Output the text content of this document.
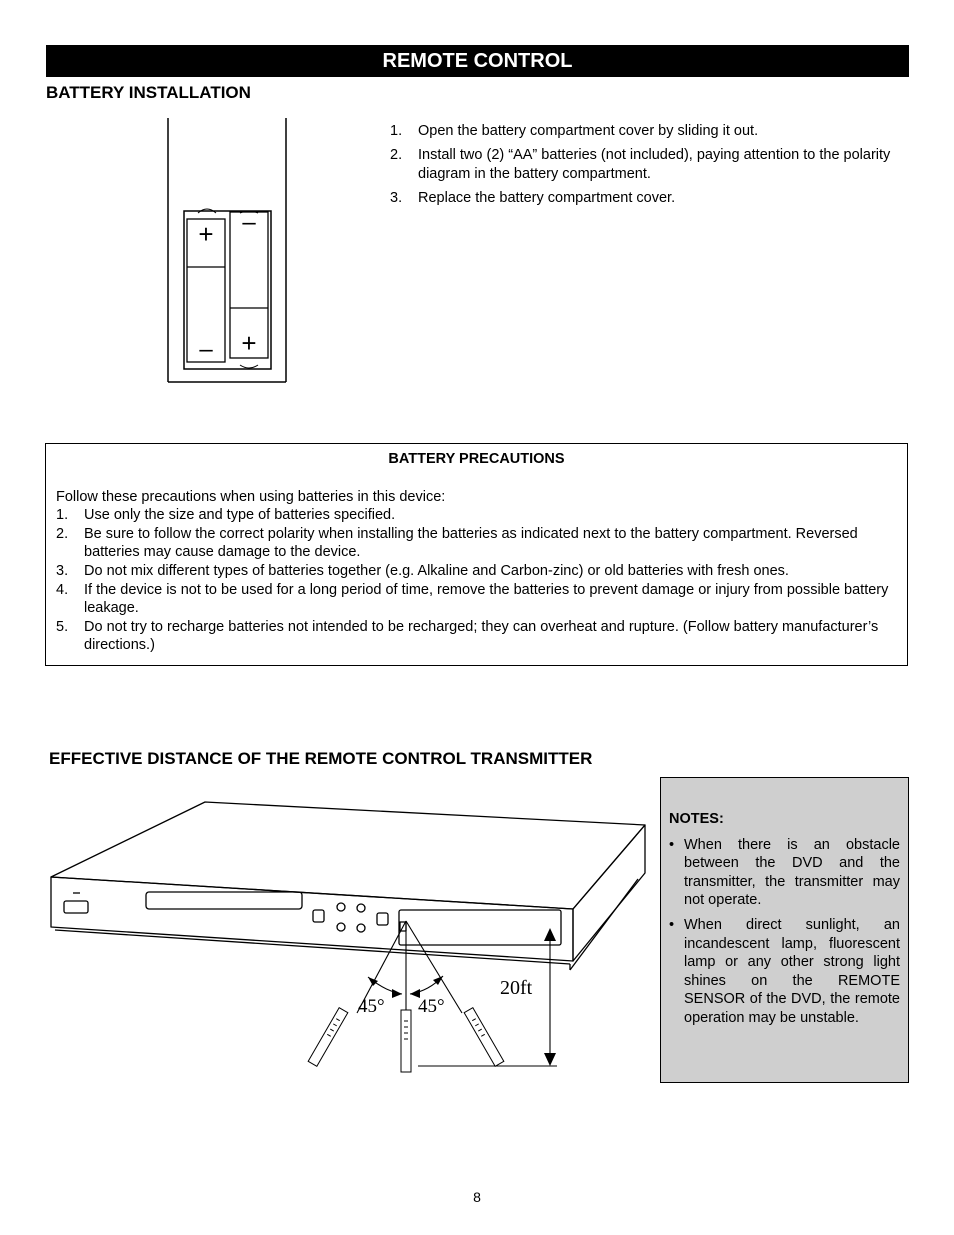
REMOTE CONTROL
BATTERY INSTALLATION
+ –
– +
1.	Open the battery compartment cover by sliding it out.
2.	Install two (2) “AA” batteries (not included), paying attention to the polarity diagram in the battery compartment.
3.	Replace the battery compartment cover.
BATTERY PRECAUTIONS
Follow these precautions when using batteries in this device:
1.	Use only the size and type of batteries specified.
2.	Be sure to follow the correct polarity when installing the batteries as indicated next to the battery compartment. Reversed batteries may cause damage to the device.
3.	Do not mix different types of batteries together (e.g. Alkaline and Carbon-zinc) or old batteries with fresh ones.
4.	If the device is not to be used for a long period of time, remove the batteries to prevent damage or injury from possible battery leakage.
5.	Do not try to recharge batteries not intended to be recharged; they can overheat and rupture. (Follow battery manufacturer’s directions.)
EFFECTIVE DISTANCE OF THE REMOTE CONTROL TRANSMITTER
45° 45°
20ft
NOTES:
• When there is an obstacle between the DVD and the transmitter, the transmitter may not operate.
• When direct sunlight, an incandescent lamp, fluorescent lamp or any other strong light shines on the REMOTE SENSOR of the DVD, the remote operation may be unstable.
8
